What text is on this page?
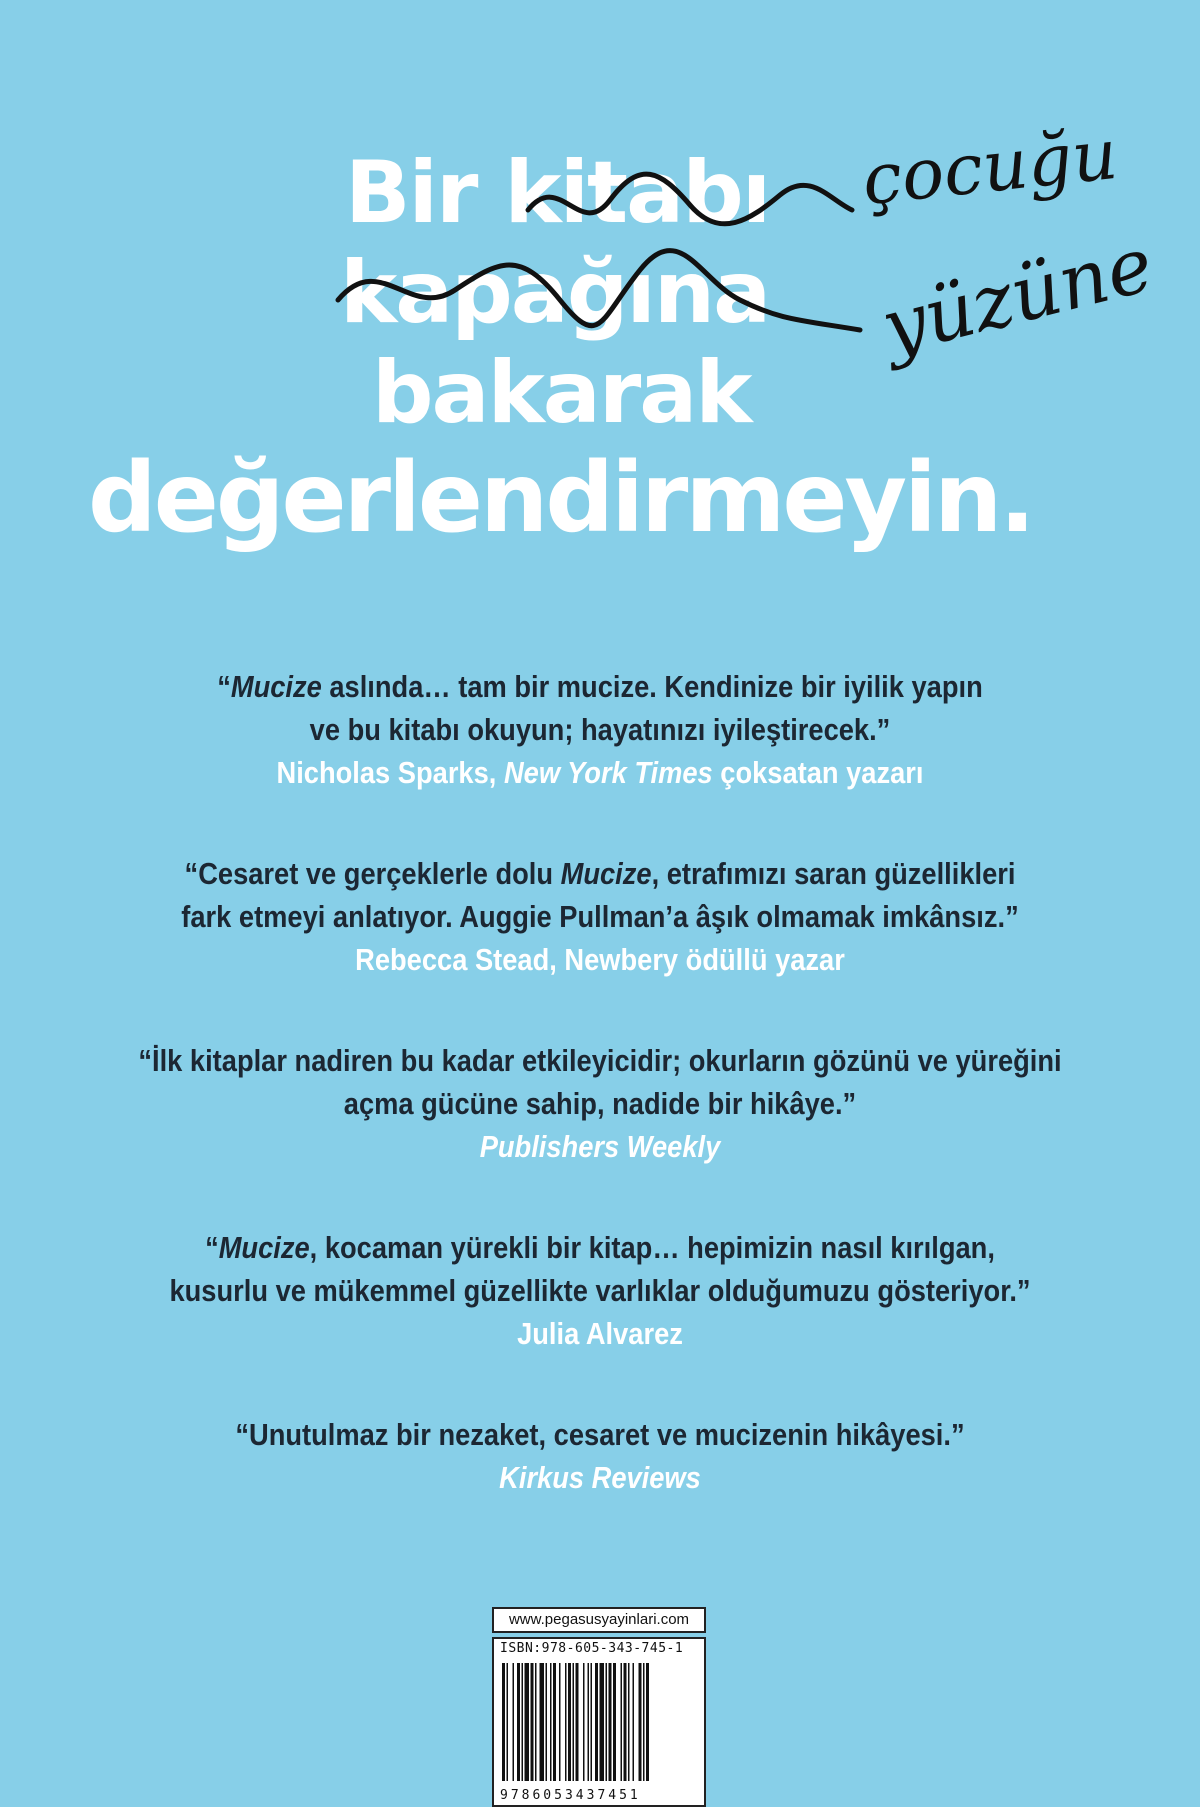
Bir kitabı
kapağına
bakarak
değerlendirmeyin.
çocuğu
yüzüne
“Mucize aslında… tam bir mucize. Kendinize bir iyilik yapın
ve bu kitabı okuyun; hayatınızı iyileştirecek.”
Nicholas Sparks, New York Times çoksatan yazarı
“Cesaret ve gerçeklerle dolu Mucize, etrafımızı saran güzellikleri
fark etmeyi anlatıyor. Auggie Pullman’a âşık olmamak imkânsız.”
Rebecca Stead, Newbery ödüllü yazar
“İlk kitaplar nadiren bu kadar etkileyicidir; okurların gözünü ve yüreğini
açma gücüne sahip, nadide bir hikâye.”
Publishers Weekly
“Mucize, kocaman yürekli bir kitap… hepimizin nasıl kırılgan,
kusurlu ve mükemmel güzellikte varlıklar olduğumuzu gösteriyor.”
Julia Alvarez
“Unutulmaz bir nezaket, cesaret ve mucizenin hikâyesi.”
Kirkus Reviews
www.pegasusyayinlari.com
ISBN:978-605-343-745-1
9786053437451
